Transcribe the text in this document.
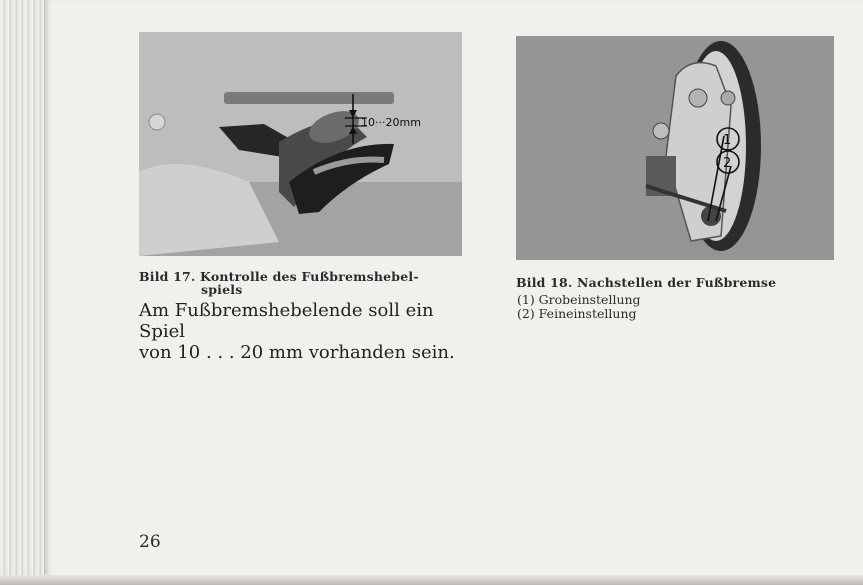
10···20mm
1
2
Bild 17. Kontrolle des Fußbremshebel-
spiels	Bild 18. Nachstellen der Fußbremse
(1) Grobeinstellung
(2) Feineinstellung
Am Fußbremshebelende soll ein Spiel
von 10 . . . 20 mm vorhanden sein.
26
